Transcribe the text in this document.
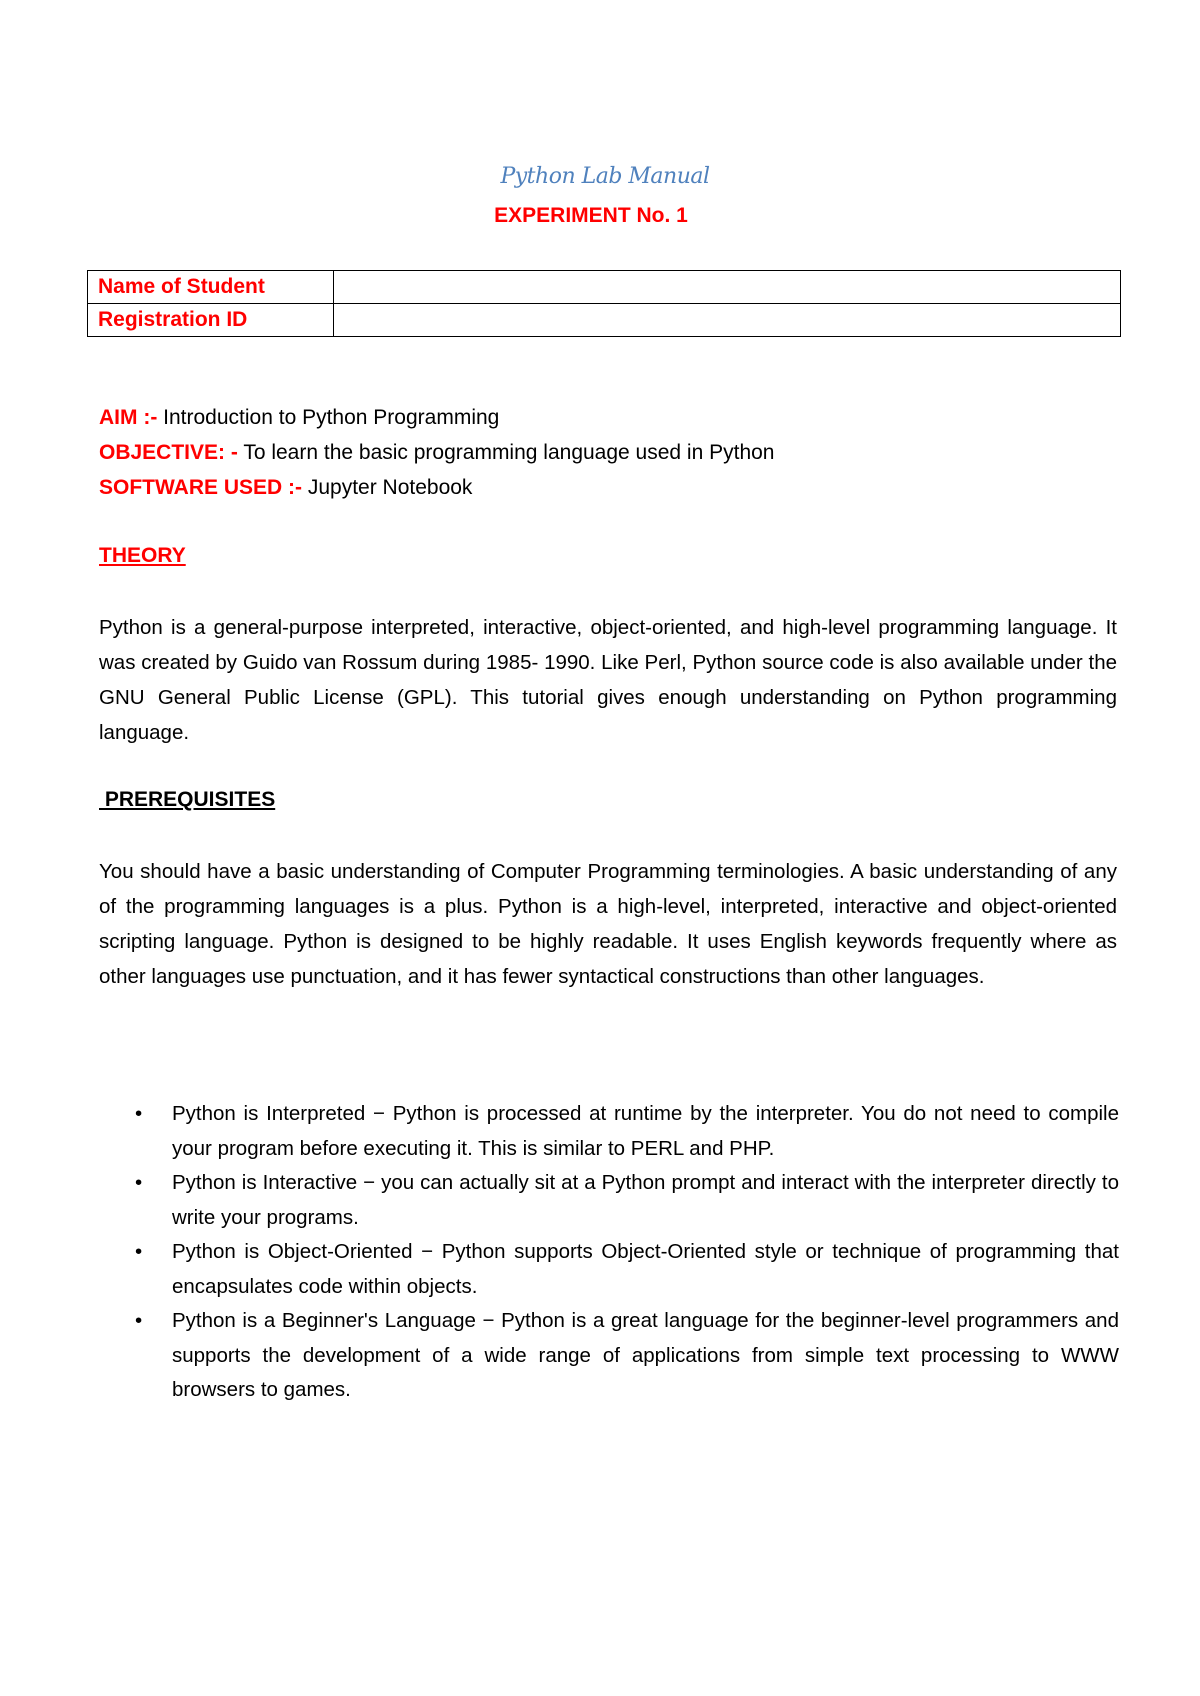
Python Lab Manual
EXPERIMENT No. 1
Name of Student	
Registration ID	
AIM :- Introduction to Python Programming
OBJECTIVE: - To learn the basic programming language used in Python
SOFTWARE USED :- Jupyter Notebook
THEORY
Python is a general-purpose interpreted, interactive, object-oriented, and high-level programming language. It was created by Guido van Rossum during 1985- 1990. Like Perl, Python source code is also available under the GNU General Public License (GPL). This tutorial gives enough understanding on Python programming language.
PREREQUISITES
You should have a basic understanding of Computer Programming terminologies. A basic understanding of any of the programming languages is a plus. Python is a high-level, interpreted, interactive and object-oriented scripting language. Python is designed to be highly readable. It uses English keywords frequently where as other languages use punctuation, and it has fewer syntactical constructions than other languages.
• Python is Interpreted − Python is processed at runtime by the interpreter. You do not need to compile your program before executing it. This is similar to PERL and PHP.
• Python is Interactive − you can actually sit at a Python prompt and interact with the interpreter directly to write your programs.
• Python is Object-Oriented − Python supports Object-Oriented style or technique of programming that encapsulates code within objects.
• Python is a Beginner's Language − Python is a great language for the beginner-level programmers and supports the development of a wide range of applications from simple text processing to WWW browsers to games.
